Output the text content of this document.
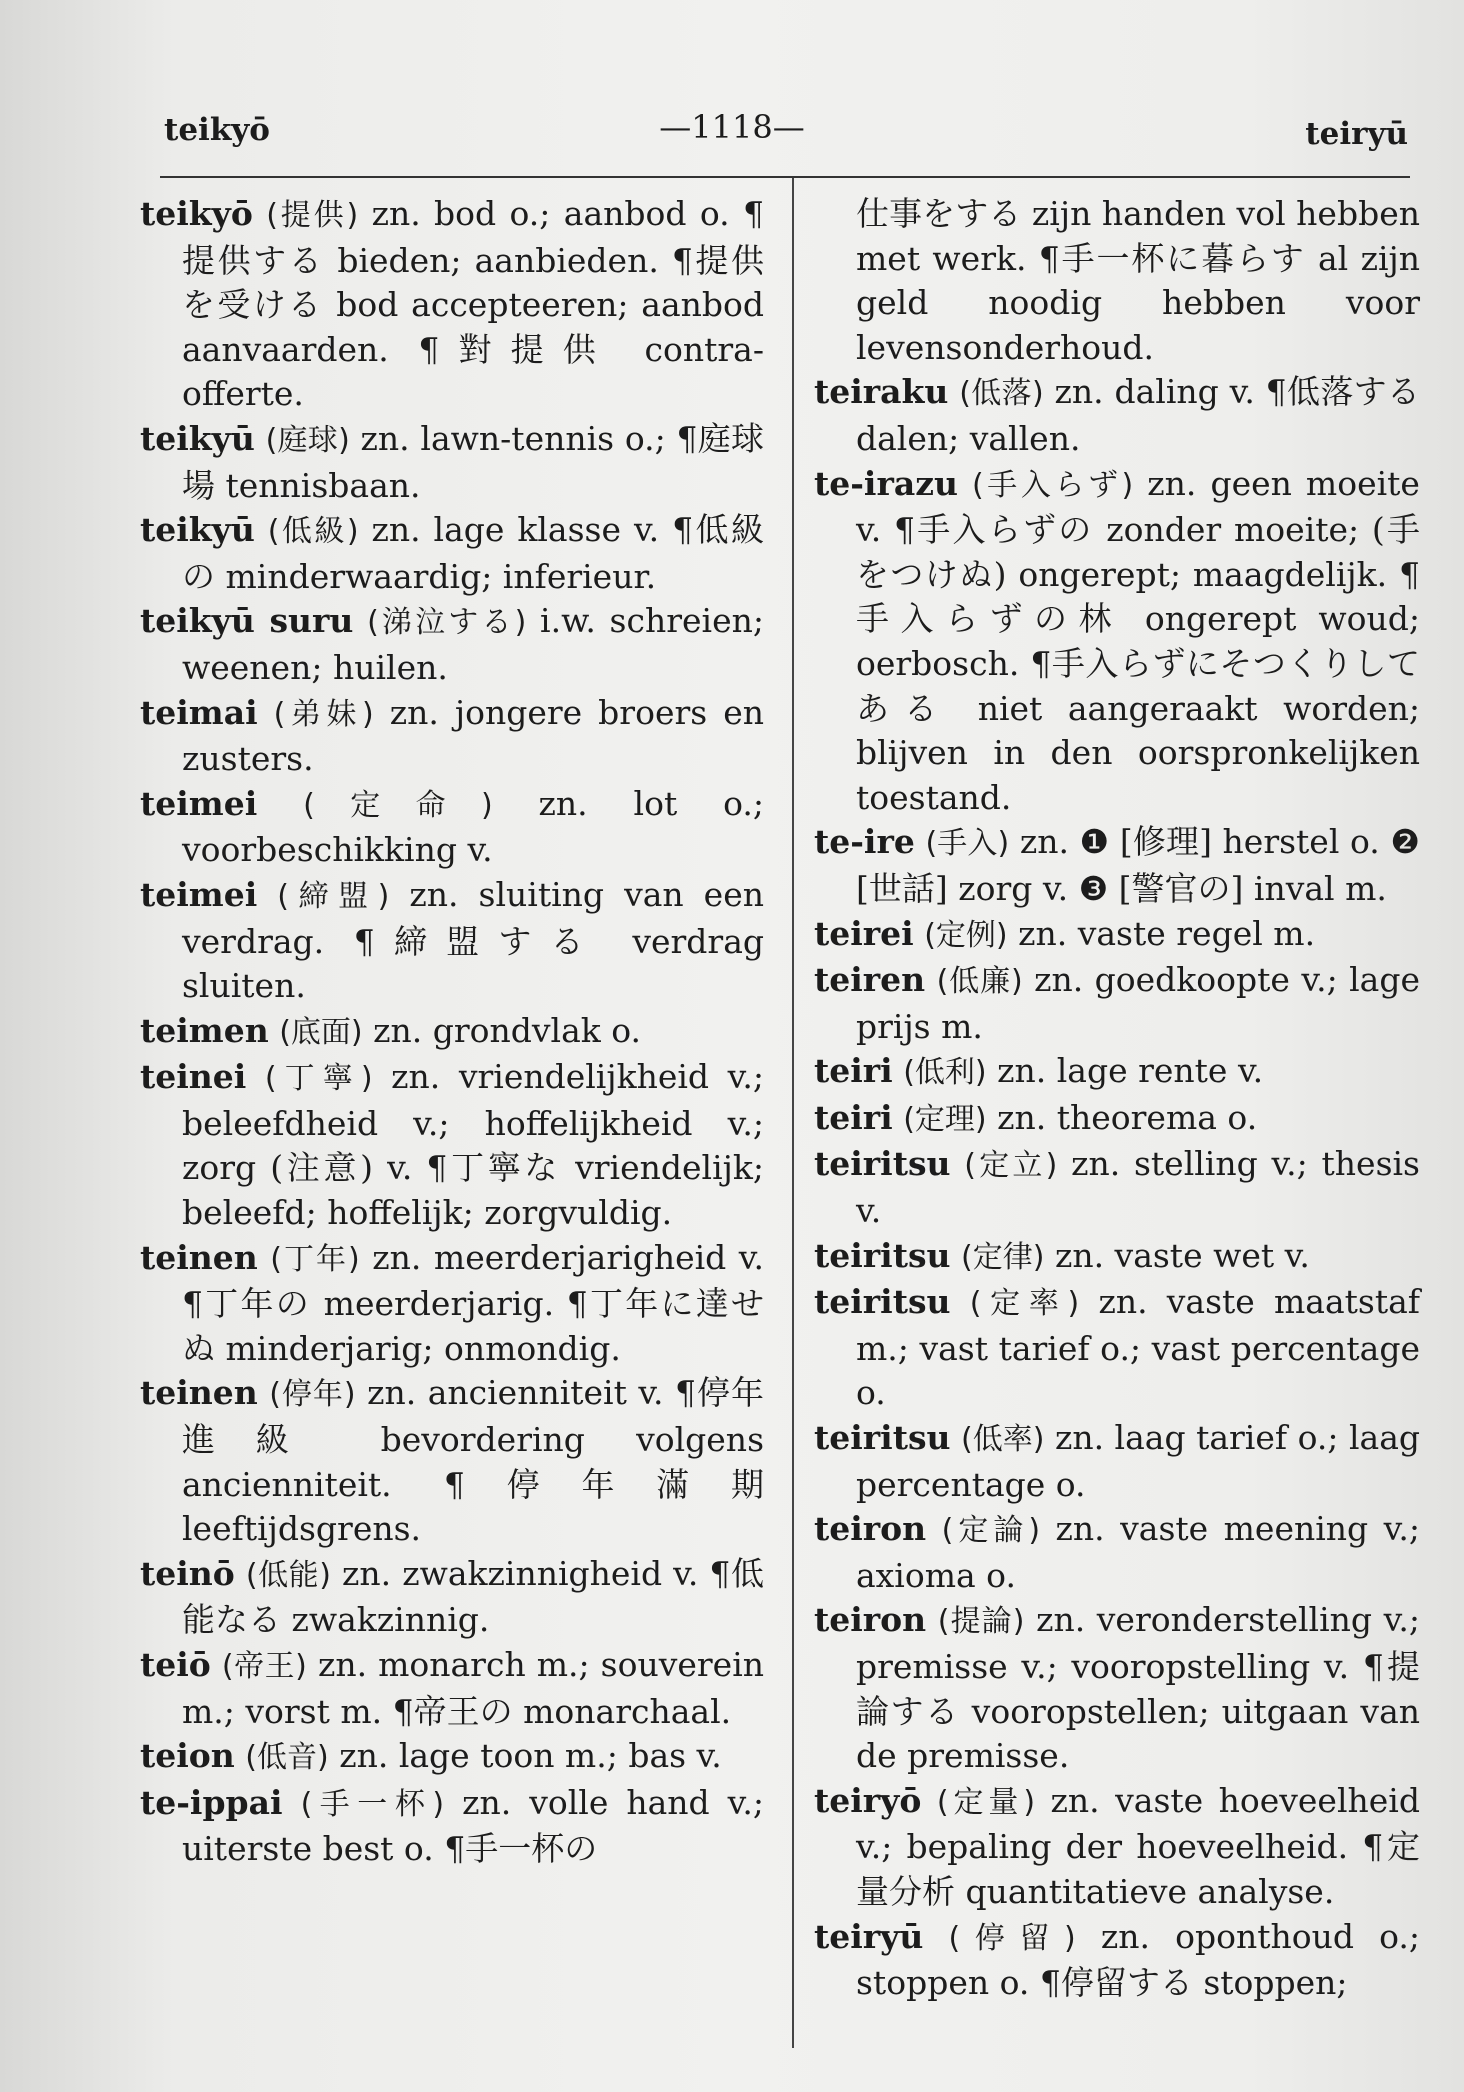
teikyō	—1118—	teiryū
teikyō (提供) zn. bod o.; aanbod o. ¶提供する bieden; aanbieden. ¶提供を受ける bod accepteeren; aanbod aanvaarden. ¶對提供 contra-offerte.
teikyū (庭球) zn. lawn-tennis o.; ¶庭球場 tennisbaan.
teikyū (低級) zn. lage klasse v. ¶低級の minderwaardig; inferieur.
teikyū suru (涕泣する) i.w. schreien; weenen; huilen.
teimai (弟妹) zn. jongere broers en zusters.
teimei (定命) zn. lot o.; voorbeschikking v.
teimei (締盟) zn. sluiting van een verdrag. ¶締盟する verdrag sluiten.
teimen (底面) zn. grondvlak o.
teinei (丁寧) zn. vriendelijkheid v.; beleefdheid v.; hoffelijkheid v.; zorg (注意) v. ¶丁寧な vriendelijk; beleefd; hoffelijk; zorgvuldig.
teinen (丁年) zn. meerderjarigheid v. ¶丁年の meerderjarig. ¶丁年に達せぬ minderjarig; onmondig.
teinen (停年) zn. ancienniteit v. ¶停年進級 bevordering volgens ancienniteit. ¶停年滿期 leeftijdsgrens.
teinō (低能) zn. zwakzinnigheid v. ¶低能なる zwakzinnig.
teiō (帝王) zn. monarch m.; souverein m.; vorst m. ¶帝王の monarchaal.
teion (低音) zn. lage toon m.; bas v.
te-ippai (手一杯) zn. volle hand v.; uiterste best o. ¶手一杯の
仕事をする zijn handen vol hebben met werk. ¶手一杯に暮らす al zijn geld noodig hebben voor levensonderhoud.
teiraku (低落) zn. daling v. ¶低落する dalen; vallen.
te-irazu (手入らず) zn. geen moeite v. ¶手入らずの zonder moeite; (手をつけぬ) ongerept; maagdelijk. ¶手入らずの林 ongerept woud; oerbosch. ¶手入らずにそつくりしてある niet aangeraakt worden; blijven in den oorspronkelijken toestand.
te-ire (手入) zn. ❶ [修理] herstel o. ❷ [世話] zorg v. ❸ [警官の] inval m.
teirei (定例) zn. vaste regel m.
teiren (低廉) zn. goedkoopte v.; lage prijs m.
teiri (低利) zn. lage rente v.
teiri (定理) zn. theorema o.
teiritsu (定立) zn. stelling v.; thesis v.
teiritsu (定律) zn. vaste wet v.
teiritsu (定率) zn. vaste maatstaf m.; vast tarief o.; vast percentage o.
teiritsu (低率) zn. laag tarief o.; laag percentage o.
teiron (定論) zn. vaste meening v.; axioma o.
teiron (提論) zn. veronderstelling v.; premisse v.; vooropstelling v. ¶提論する vooropstellen; uitgaan van de premisse.
teiryō (定量) zn. vaste hoeveelheid v.; bepaling der hoeveelheid. ¶定量分析 quantitatieve analyse.
teiryū (停留) zn. oponthoud o.; stoppen o. ¶停留する stoppen;
